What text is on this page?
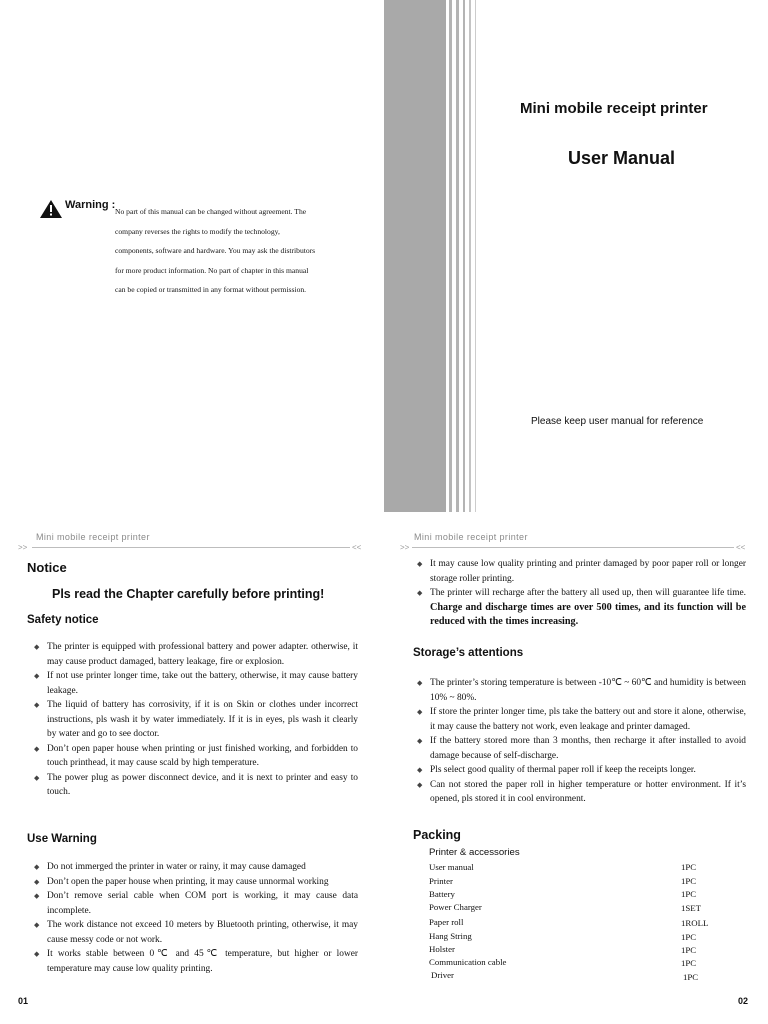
Warning :
No part of this manual can be changed without agreement. The
company reverses the rights to modify the technology,
components, software and hardware. You may ask the distributors
for more product information. No part of chapter in this manual
can be copied or transmitted in any format without permission.
Mini mobile receipt printer
User Manual
Please keep user manual for reference
Mini mobile receipt printer
>>	<<
Notice
Pls read the Chapter carefully before printing!
Safety notice
◆ The printer is equipped with professional battery and power adapter. otherwise, it may cause product damaged, battery leakage, fire or explosion.
◆ If not use printer longer time, take out the battery, otherwise, it may cause battery leakage.
◆ The liquid of battery has corrosivity, if it is on Skin or clothes under incorrect instructions, pls wash it by water immediately. If it is in eyes, pls wash it clearly by water and go to see doctor.
◆ Don’t open paper house when printing or just finished working, and forbidden to touch printhead, it may cause scald by high temperature.
◆ The power plug as power disconnect device, and it is next to printer and easy to touch.
Use Warning
◆ Do not immerged the printer in water or rainy, it may cause damaged
◆ Don’t open the paper house when printing, it may cause unnormal working
◆ Don’t remove serial cable when COM port is working, it may cause data incomplete.
◆ The work distance not exceed 10 meters by Bluetooth printing, otherwise, it may cause messy code or not work.
◆ It works stable between 0℃ and 45℃ temperature, but higher or lower temperature may cause low quality printing.
01
Mini mobile receipt printer
>>	<<
◆ It may cause low quality printing and printer damaged by poor paper roll or longer storage roller printing.
◆ The printer will recharge after the battery all used up, then will guarantee life time. Charge and discharge times are over 500 times, and its function will be reduced with the times increasing.
Storage’s attentions
◆ The printer’s storing temperature is between -10℃ ~ 60℃ and humidity is between 10% ~ 80%.
◆ If store the printer longer time, pls take the battery out and store it alone, otherwise, it may cause the battery not work, even leakage and printer damaged.
◆ If the battery stored more than 3 months, then recharge it after installed to avoid damage because of self-discharge.
◆ Pls select good quality of thermal paper roll if keep the receipts longer.
◆ Can not stored the paper roll in higher temperature or hotter environment. If it’s opened, pls stored it in cool environment.
Packing
Printer & accessories
User manual	1PC
Printer	1PC
Battery	1PC
Power Charger	1SET
Paper roll	1ROLL
Hang String	1PC
Holster	1PC
Communication cable	1PC
Driver	1PC
02
